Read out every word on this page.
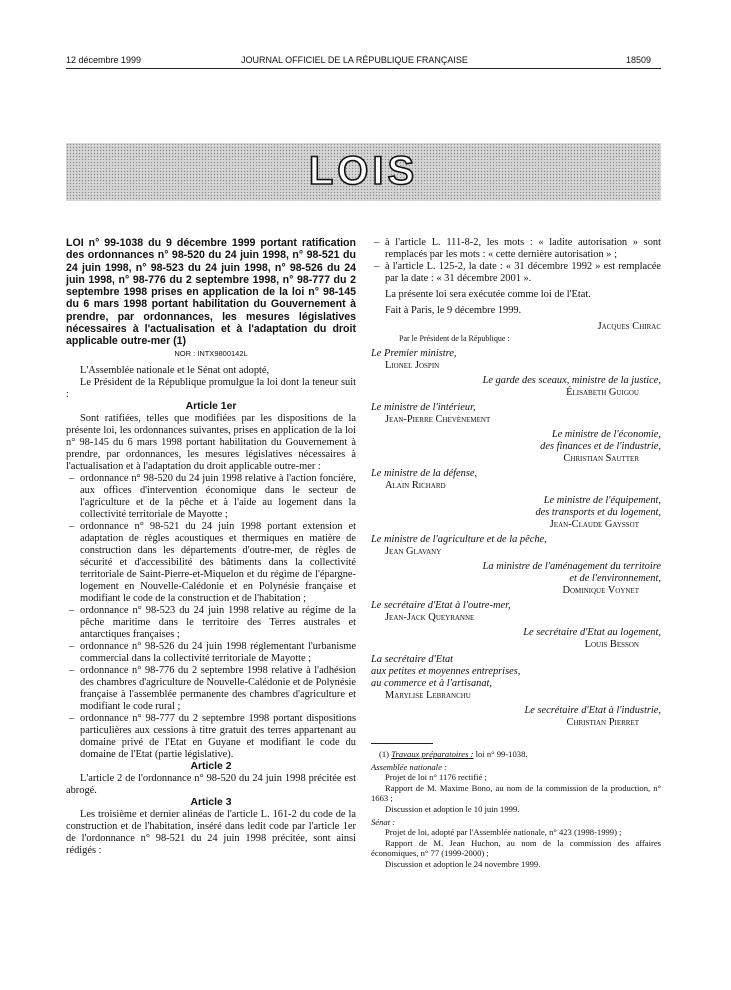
12 décembre 1999	JOURNAL OFFICIEL DE LA RÉPUBLIQUE FRANÇAISE	18509
LOIS

LOI n° 99-1038 du 9 décembre 1999 portant ratification des ordonnances n° 98-520 du 24 juin 1998, n° 98-521 du 24 juin 1998, n° 98-523 du 24 juin 1998, n° 98-526 du 24 juin 1998, n° 98-776 du 2 septembre 1998, n° 98-777 du 2 septembre 1998 prises en application de la loi n° 98-145 du 6 mars 1998 portant habilitation du Gouvernement à prendre, par ordonnances, les mesures législatives nécessaires à l'actualisation et à l'adaptation du droit applicable outre-mer (1)

NOR : INTX9800142L

L'Assemblée nationale et le Sénat ont adopté,

Le Président de la République promulgue la loi dont la teneur suit :

Article 1er

Sont ratifiées, telles que modifiées par les dispositions de la présente loi, les ordonnances suivantes, prises en application de la loi n° 98-145 du 6 mars 1998 portant habilitation du Gouvernement à prendre, par ordonnances, les mesures législatives nécessaires à l'actualisation et à l'adaptation du droit applicable outre-mer :

– ordonnance n° 98-520 du 24 juin 1998 relative à l'action foncière, aux offices d'intervention économique dans le secteur de l'agriculture et de la pêche et à l'aide au logement dans la collectivité territoriale de Mayotte ;
– ordonnance n° 98-521 du 24 juin 1998 portant extension et adaptation de règles acoustiques et thermiques en matière de construction dans les départements d'outre-mer, de règles de sécurité et d'accessibilité des bâtiments dans la collectivité territoriale de Saint-Pierre-et-Miquelon et du régime de l'épargne-logement en Nouvelle-Calédonie et en Polynésie française et modifiant le code de la construction et de l'habitation ;
– ordonnance n° 98-523 du 24 juin 1998 relative au régime de la pêche maritime dans le territoire des Terres australes et antarctiques françaises ;
– ordonnance n° 98-526 du 24 juin 1998 réglementant l'urbanisme commercial dans la collectivité territoriale de Mayotte ;
– ordonnance n° 98-776 du 2 septembre 1998 relative à l'adhésion des chambres d'agriculture de Nouvelle-Calédonie et de Polynésie française à l'assemblée permanente des chambres d'agriculture et modifiant le code rural ;
– ordonnance n° 98-777 du 2 septembre 1998 portant dispositions particulières aux cessions à titre gratuit des terres appartenant au domaine privé de l'Etat en Guyane et modifiant le code du domaine de l'Etat (partie législative).

Article 2

L'article 2 de l'ordonnance n° 98-520 du 24 juin 1998 précitée est abrogé.

Article 3

Les troisième et dernier alinéas de l'article L. 161-2 du code de la construction et de l'habitation, inséré dans ledit code par l'article 1er de l'ordonnance n° 98-521 du 24 juin 1998 précitée, sont ainsi rédigés :

– à l'article L. 111-8-2, les mots : « ladite autorisation » sont remplacés par les mots : « cette dernière autorisation » ;
– à l'article L. 125-2, la date : « 31 décembre 1992 » est remplacée par la date : « 31 décembre 2001 ».

La présente loi sera exécutée comme loi de l'Etat.

Fait à Paris, le 9 décembre 1999.

Jacques Chirac

Par le Président de la République :

Le Premier ministre,

Lionel Jospin

Le garde des sceaux, ministre de la justice,

Élisabeth Guigou

Le ministre de l'intérieur,

Jean-Pierre Chevènement

Le ministre de l'économie,

des finances et de l'industrie,

Christian Sautter

Le ministre de la défense,

Alain Richard

Le ministre de l'équipement,

des transports et du logement,

Jean-Claude Gayssot

Le ministre de l'agriculture et de la pêche,

Jean Glavany

La ministre de l'aménagement du territoire

et de l'environnement,

Dominique Voynet

Le secrétaire d'Etat à l'outre-mer,

Jean-Jack Queyranne

Le secrétaire d'Etat au logement,

Louis Besson

La secrétaire d'Etat

aux petites et moyennes entreprises,

au commerce et à l'artisanat,

Marylise Lebranchu

Le secrétaire d'Etat à l'industrie,

Christian Pierret

(1) Travaux préparatoires : loi n° 99-1038.

Assemblée nationale :

Projet de loi n° 1176 rectifié ;

Rapport de M. Maxime Bono, au nom de la commission de la production, n° 1663 ;

Discussion et adoption le 10 juin 1999.

Sénat :

Projet de loi, adopté par l'Assemblée nationale, n° 423 (1998-1999) ;

Rapport de M. Jean Huchon, au nom de la commission des affaires économiques, n° 77 (1999-2000) ;

Discussion et adoption le 24 novembre 1999.
